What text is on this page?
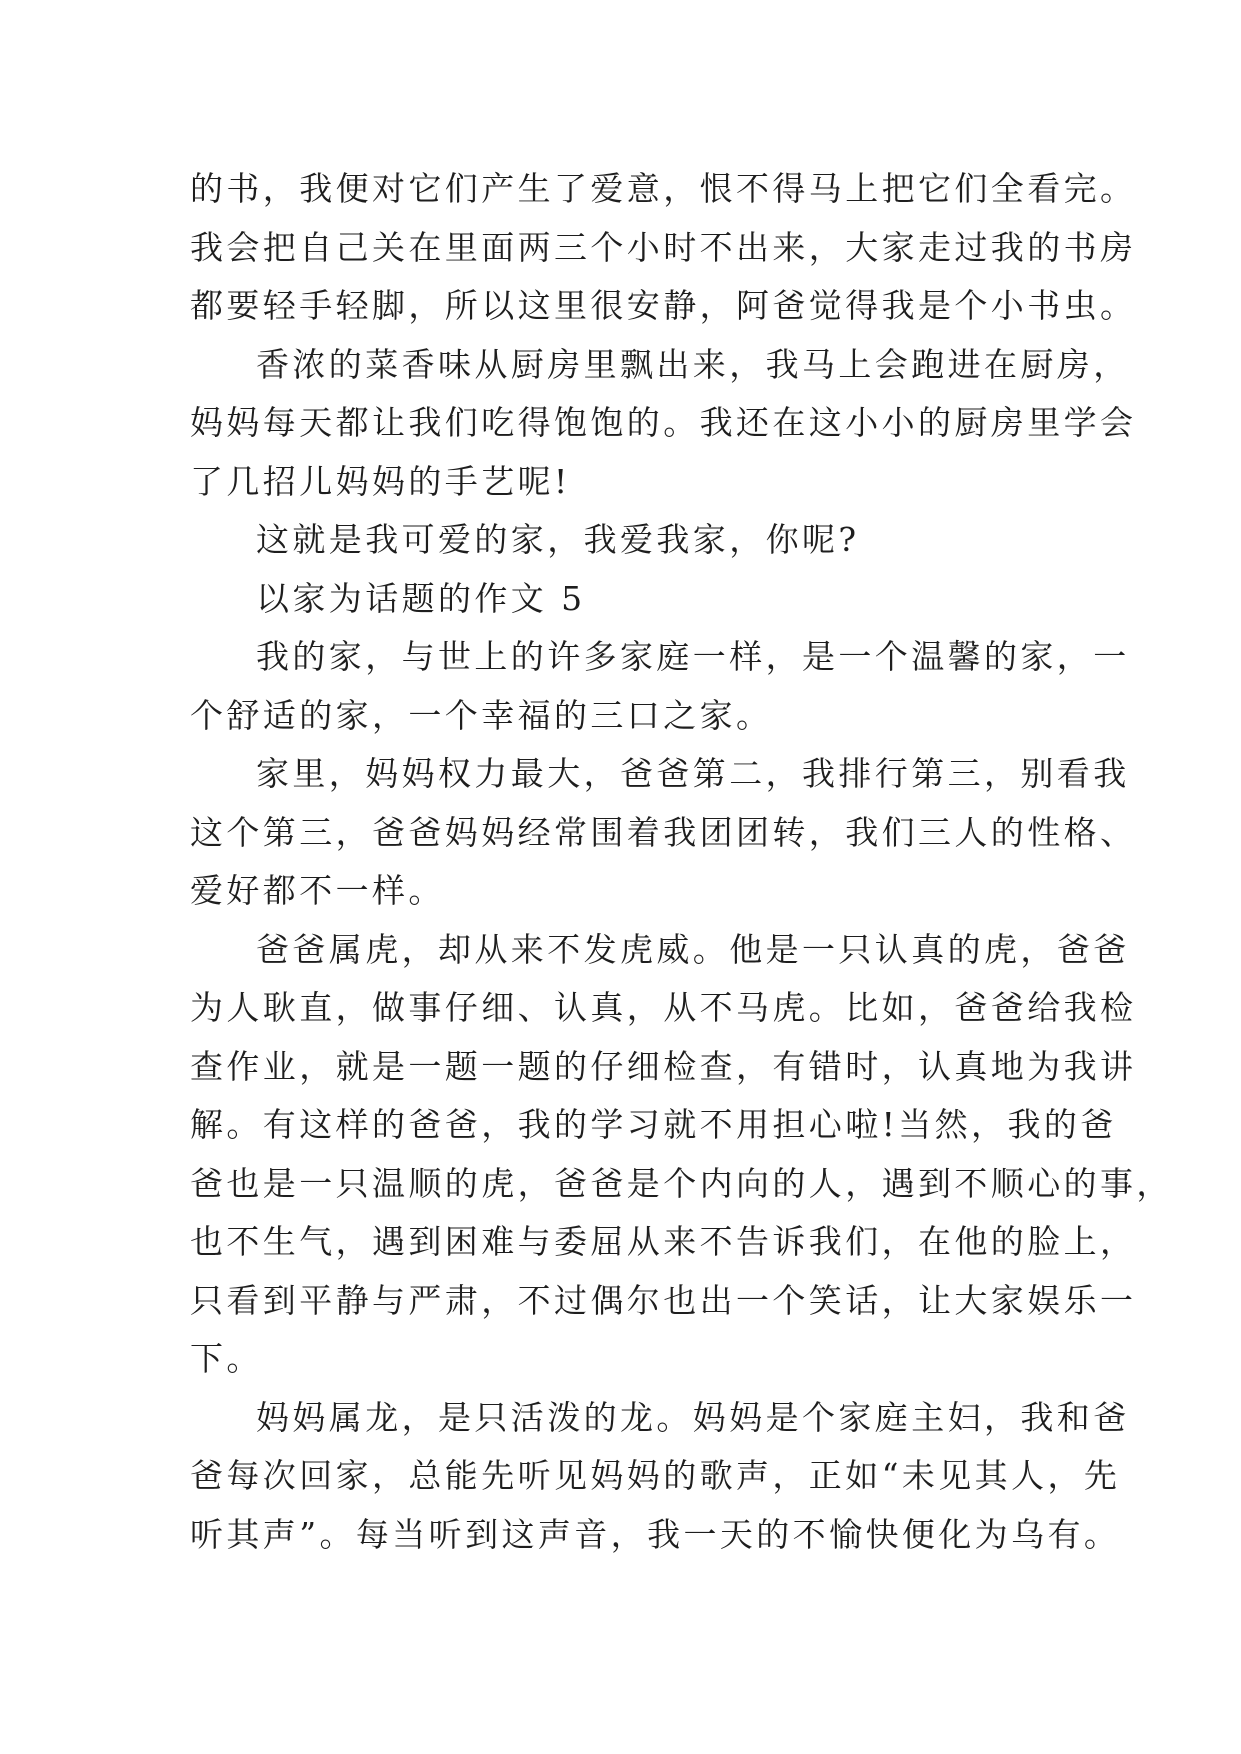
的书，我便对它们产生了爱意，恨不得马上把它们全看完。
我会把自己关在里面两三个小时不出来，大家走过我的书房
都要轻手轻脚，所以这里很安静，阿爸觉得我是个小书虫。
香浓的菜香味从厨房里飘出来，我马上会跑进在厨房，
妈妈每天都让我们吃得饱饱的。我还在这小小的厨房里学会
了几招儿妈妈的手艺呢!
这就是我可爱的家，我爱我家，你呢?
以家为话题的作文 5
我的家，与世上的许多家庭一样，是一个温馨的家，一
个舒适的家，一个幸福的三口之家。
家里，妈妈权力最大，爸爸第二，我排行第三，别看我
这个第三，爸爸妈妈经常围着我团团转，我们三人的性格、
爱好都不一样。
爸爸属虎，却从来不发虎威。他是一只认真的虎，爸爸
为人耿直，做事仔细、认真，从不马虎。比如，爸爸给我检
查作业，就是一题一题的仔细检查，有错时，认真地为我讲
解。有这样的爸爸，我的学习就不用担心啦!当然，我的爸
爸也是一只温顺的虎，爸爸是个内向的人，遇到不顺心的事，
也不生气，遇到困难与委屈从来不告诉我们，在他的脸上，
只看到平静与严肃，不过偶尔也出一个笑话，让大家娱乐一
下。
妈妈属龙，是只活泼的龙。妈妈是个家庭主妇，我和爸
爸每次回家，总能先听见妈妈的歌声，正如“未见其人，先
听其声”。每当听到这声音，我一天的不愉快便化为乌有。
